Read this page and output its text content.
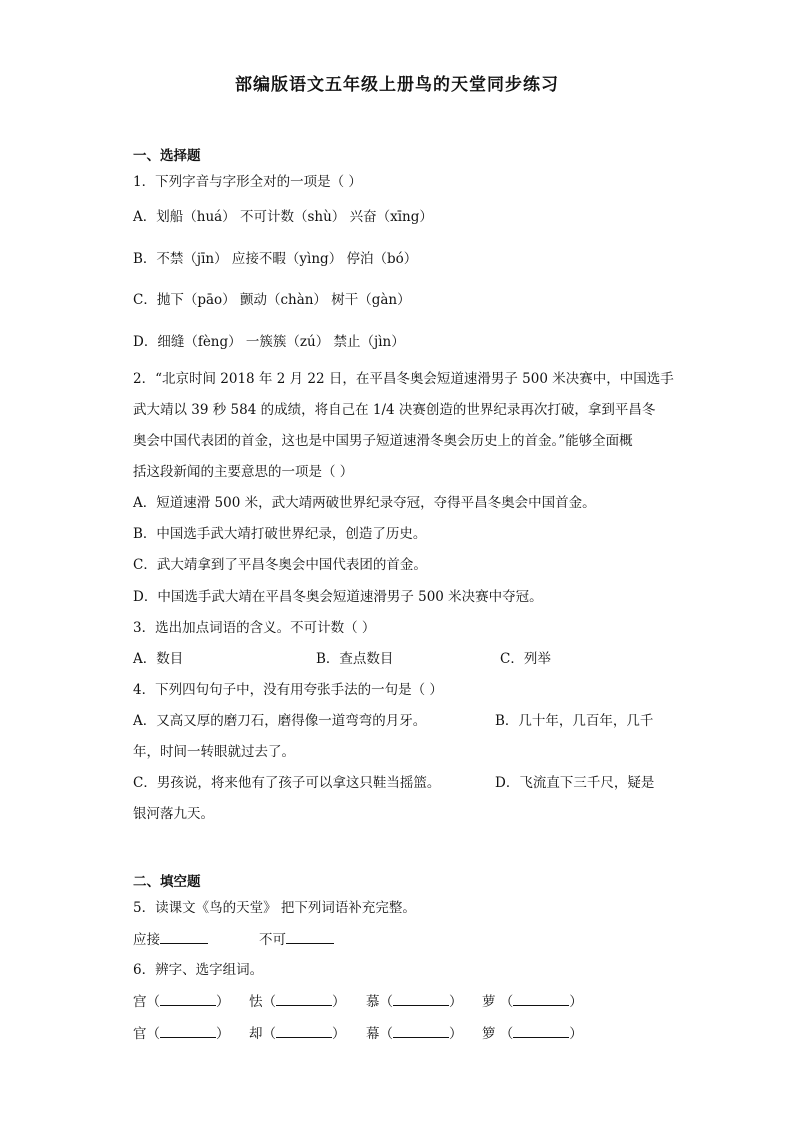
部编版语文五年级上册鸟的天堂同步练习
一、选择题
1．下列字音与字形全对的一项是（ ）
A．划船（huá） 不可计数（shù） 兴奋（xīng）
B．不禁（jīn） 应接不暇（yìng） 停泊（bó）
C．抛下（pāo） 颤动（chàn） 树干（gàn）
D．细缝（fèng） 一簇簇（zú） 禁止（jìn）
2．“北京时间 2018 年 2 月 22 日，在平昌冬奥会短道速滑男子 500 米决赛中，中国选手
武大靖以 39 秒 584 的成绩，将自己在 1/4 决赛创造的世界纪录再次打破，拿到平昌冬
奥会中国代表团的首金，这也是中国男子短道速滑冬奥会历史上的首金。”能够全面概
括这段新闻的主要意思的一项是（ ）
A．短道速滑 500 米，武大靖两破世界纪录夺冠，夺得平昌冬奥会中国首金。
B．中国选手武大靖打破世界纪录，创造了历史。
C．武大靖拿到了平昌冬奥会中国代表团的首金。
D．中国选手武大靖在平昌冬奥会短道速滑男子 500 米决赛中夺冠。
3．选出加点词语的含义。不可计数（ ）
A．数目	B．查点数目	C．列举
4．下列四句句子中，没有用夸张手法的一句是（ ）
A．又高又厚的磨刀石，磨得像一道弯弯的月牙。	B．几十年，几百年，几千
年，时间一转眼就过去了。
C．男孩说，将来他有了孩子可以拿这只鞋当摇篮。	D．飞流直下三千尺，疑是
银河落九天。
二、填空题
5．读课文《鸟的天堂》 把下列词语补充完整。
应接	不可
6．辨字、选字组词。
宫（	） 怯（	） 慕（	） 萝 （	）
官（	） 却（	） 幕（	） 箩 （	）
